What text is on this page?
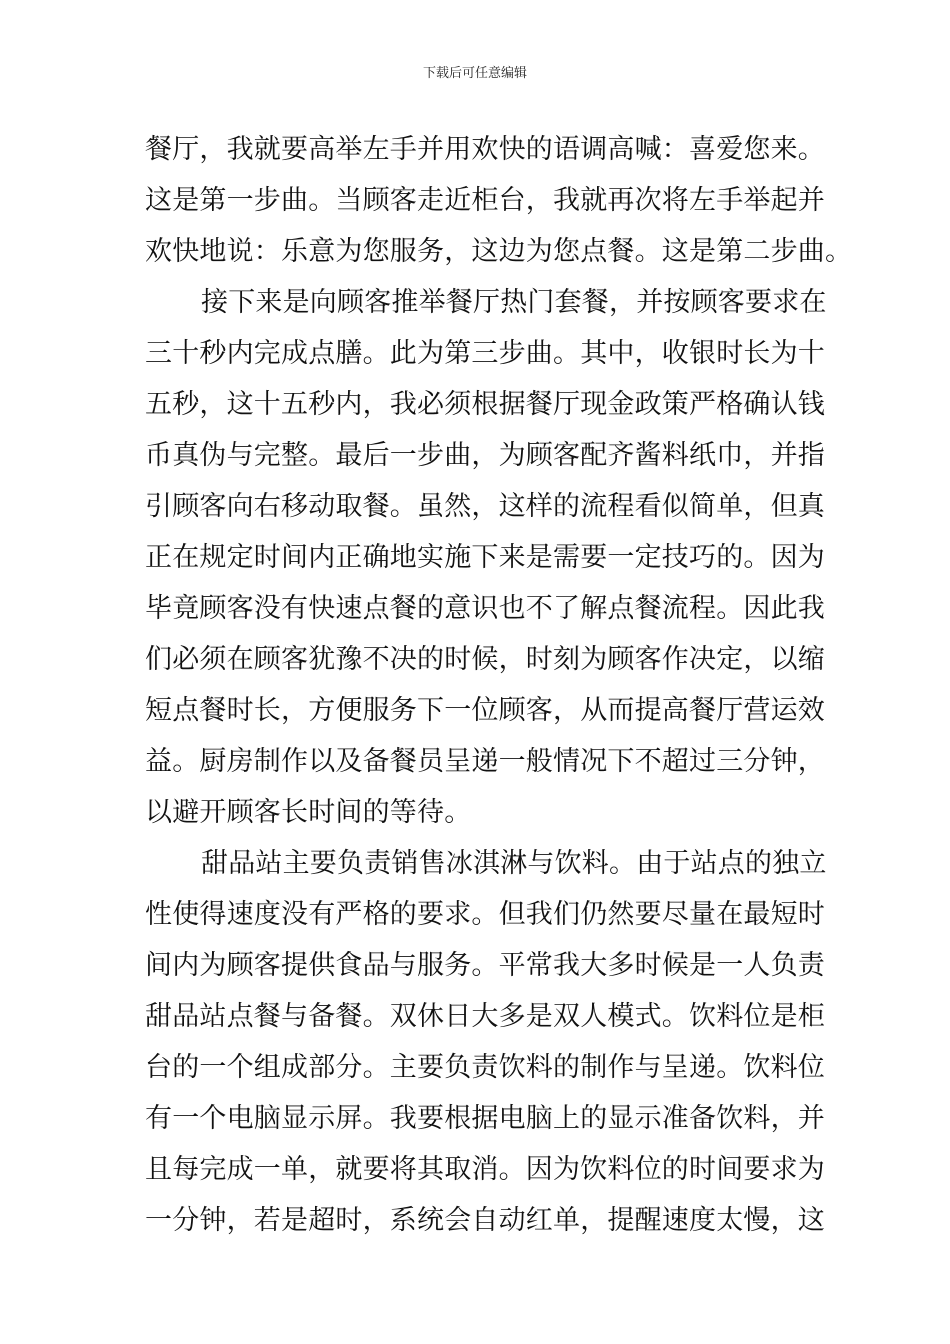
下载后可任意编辑
餐厅，我就要高举左手并用欢快的语调高喊：喜爱您来。
这是第一步曲。当顾客走近柜台，我就再次将左手举起并
欢快地说：乐意为您服务，这边为您点餐。这是第二步曲。
接下来是向顾客推举餐厅热门套餐，并按顾客要求在
三十秒内完成点膳。此为第三步曲。其中，收银时长为十
五秒，这十五秒内，我必须根据餐厅现金政策严格确认钱
币真伪与完整。最后一步曲，为顾客配齐酱料纸巾，并指
引顾客向右移动取餐。虽然，这样的流程看似简单，但真
正在规定时间内正确地实施下来是需要一定技巧的。因为
毕竟顾客没有快速点餐的意识也不了解点餐流程。因此我
们必须在顾客犹豫不决的时候，时刻为顾客作决定，以缩
短点餐时长，方便服务下一位顾客，从而提高餐厅营运效
益。厨房制作以及备餐员呈递一般情况下不超过三分钟，
以避开顾客长时间的等待。
甜品站主要负责销售冰淇淋与饮料。由于站点的独立
性使得速度没有严格的要求。但我们仍然要尽量在最短时
间内为顾客提供食品与服务。平常我大多时候是一人负责
甜品站点餐与备餐。双休日大多是双人模式。饮料位是柜
台的一个组成部分。主要负责饮料的制作与呈递。饮料位
有一个电脑显示屏。我要根据电脑上的显示准备饮料，并
且每完成一单，就要将其取消。因为饮料位的时间要求为
一分钟，若是超时，系统会自动红单，提醒速度太慢，这
